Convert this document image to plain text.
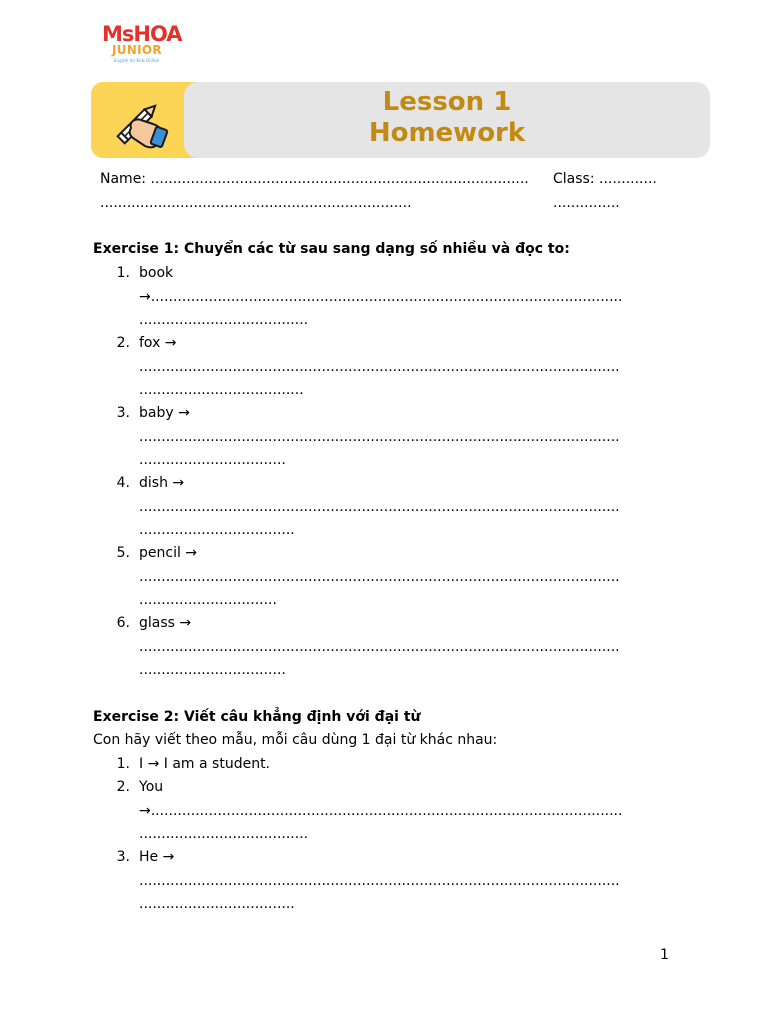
MsHOA
JUNIOR
English for Kids Online
Lesson 1
Homework
Name: .....................................................................................
......................................................................
Class: .............
...............
Exercise 1: Chuyển các từ sau sang dạng số nhiều và đọc to:
1. book
→..........................................................................................................
......................................
2. fox →
............................................................................................................
.....................................
3. baby →
............................................................................................................
.................................
4. dish →
............................................................................................................
...................................
5. pencil →
............................................................................................................
...............................
6. glass →
............................................................................................................
.................................
Exercise 2: Viết câu khẳng định với đại từ
Con hãy viết theo mẫu, mỗi câu dùng 1 đại từ khác nhau:
1. I → I am a student.
2. You
→..........................................................................................................
......................................
3. He →
............................................................................................................
...................................
1
